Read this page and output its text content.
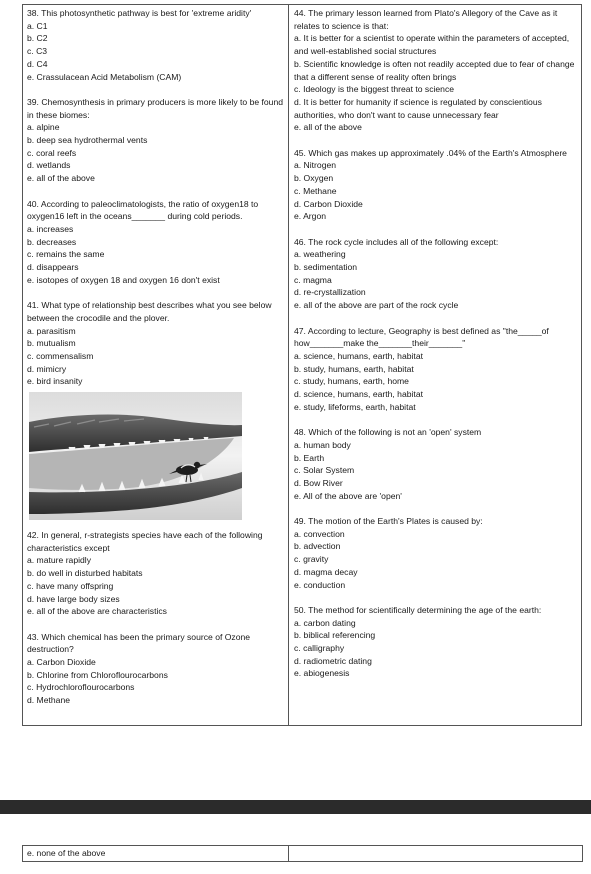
38. This photosynthetic pathway is best for 'extreme aridity'
a. C1
b. C2
c. C3
d. C4
e. Crassulacean Acid Metabolism (CAM)
39. Chemosynthesis in primary producers is more likely to be found in these biomes:
a. alpine
b. deep sea hydrothermal vents
c. coral reefs
d. wetlands
e. all of the above
40. According to paleoclimatologists, the ratio of oxygen18 to oxygen16 left in the oceans_______ during cold periods.
a. increases
b. decreases
c. remains the same
d. disappears
e. isotopes of oxygen 18 and oxygen 16 don't exist
41. What type of relationship best describes what you see below between the crocodile and the plover.
a. parasitism
b. mutualism
c. commensalism
d. mimicry
e. bird insanity
42. In general, r-strategists species have each of the following characteristics except
a. mature rapidly
b. do well in disturbed habitats
c. have many offspring
d. have large body sizes
e. all of the above are characteristics
43. Which chemical has been the primary source of Ozone destruction?
a. Carbon Dioxide
b. Chlorine from Chloroflourocarbons
c. Hydrochloroflourocarbons
d. Methane
44. The primary lesson learned from Plato's Allegory of the Cave as it relates to science is that:
a. It is better for a scientist to operate within the parameters of accepted, and well-established social structures
b. Scientific knowledge is often not readily accepted due to fear of change that a different sense of reality often brings
c. Ideology is the biggest threat to science
d. It is better for humanity if science is regulated by conscientious authorities, who don't want to cause unnecessary fear
e. all of the above
45. Which gas makes up approximately .04% of the Earth's Atmosphere
a. Nitrogen
b. Oxygen
c. Methane
d. Carbon Dioxide
e. Argon
46. The rock cycle includes all of the following except:
a. weathering
b. sedimentation
c. magma
d. re-crystallization
e. all of the above are part of the rock cycle
47. According to lecture, Geography is best defined as "the_____of how_______make the_______their_______"
a. science, humans, earth, habitat
b. study, humans, earth, habitat
c. study, humans, earth, home
d. science, humans, earth, habitat
e. study, lifeforms, earth, habitat
48. Which of the following is not an 'open' system
a. human body
b. Earth
c. Solar System
d. Bow River
e. All of the above are 'open'
49. The motion of the Earth's Plates is caused by:
a. convection
b. advection
c. gravity
d. magma decay
e. conduction
50. The method for scientifically determining the age of the earth:
a. carbon dating
b. biblical referencing
c. calligraphy
d. radiometric dating
e. abiogenesis
e. none of the above
